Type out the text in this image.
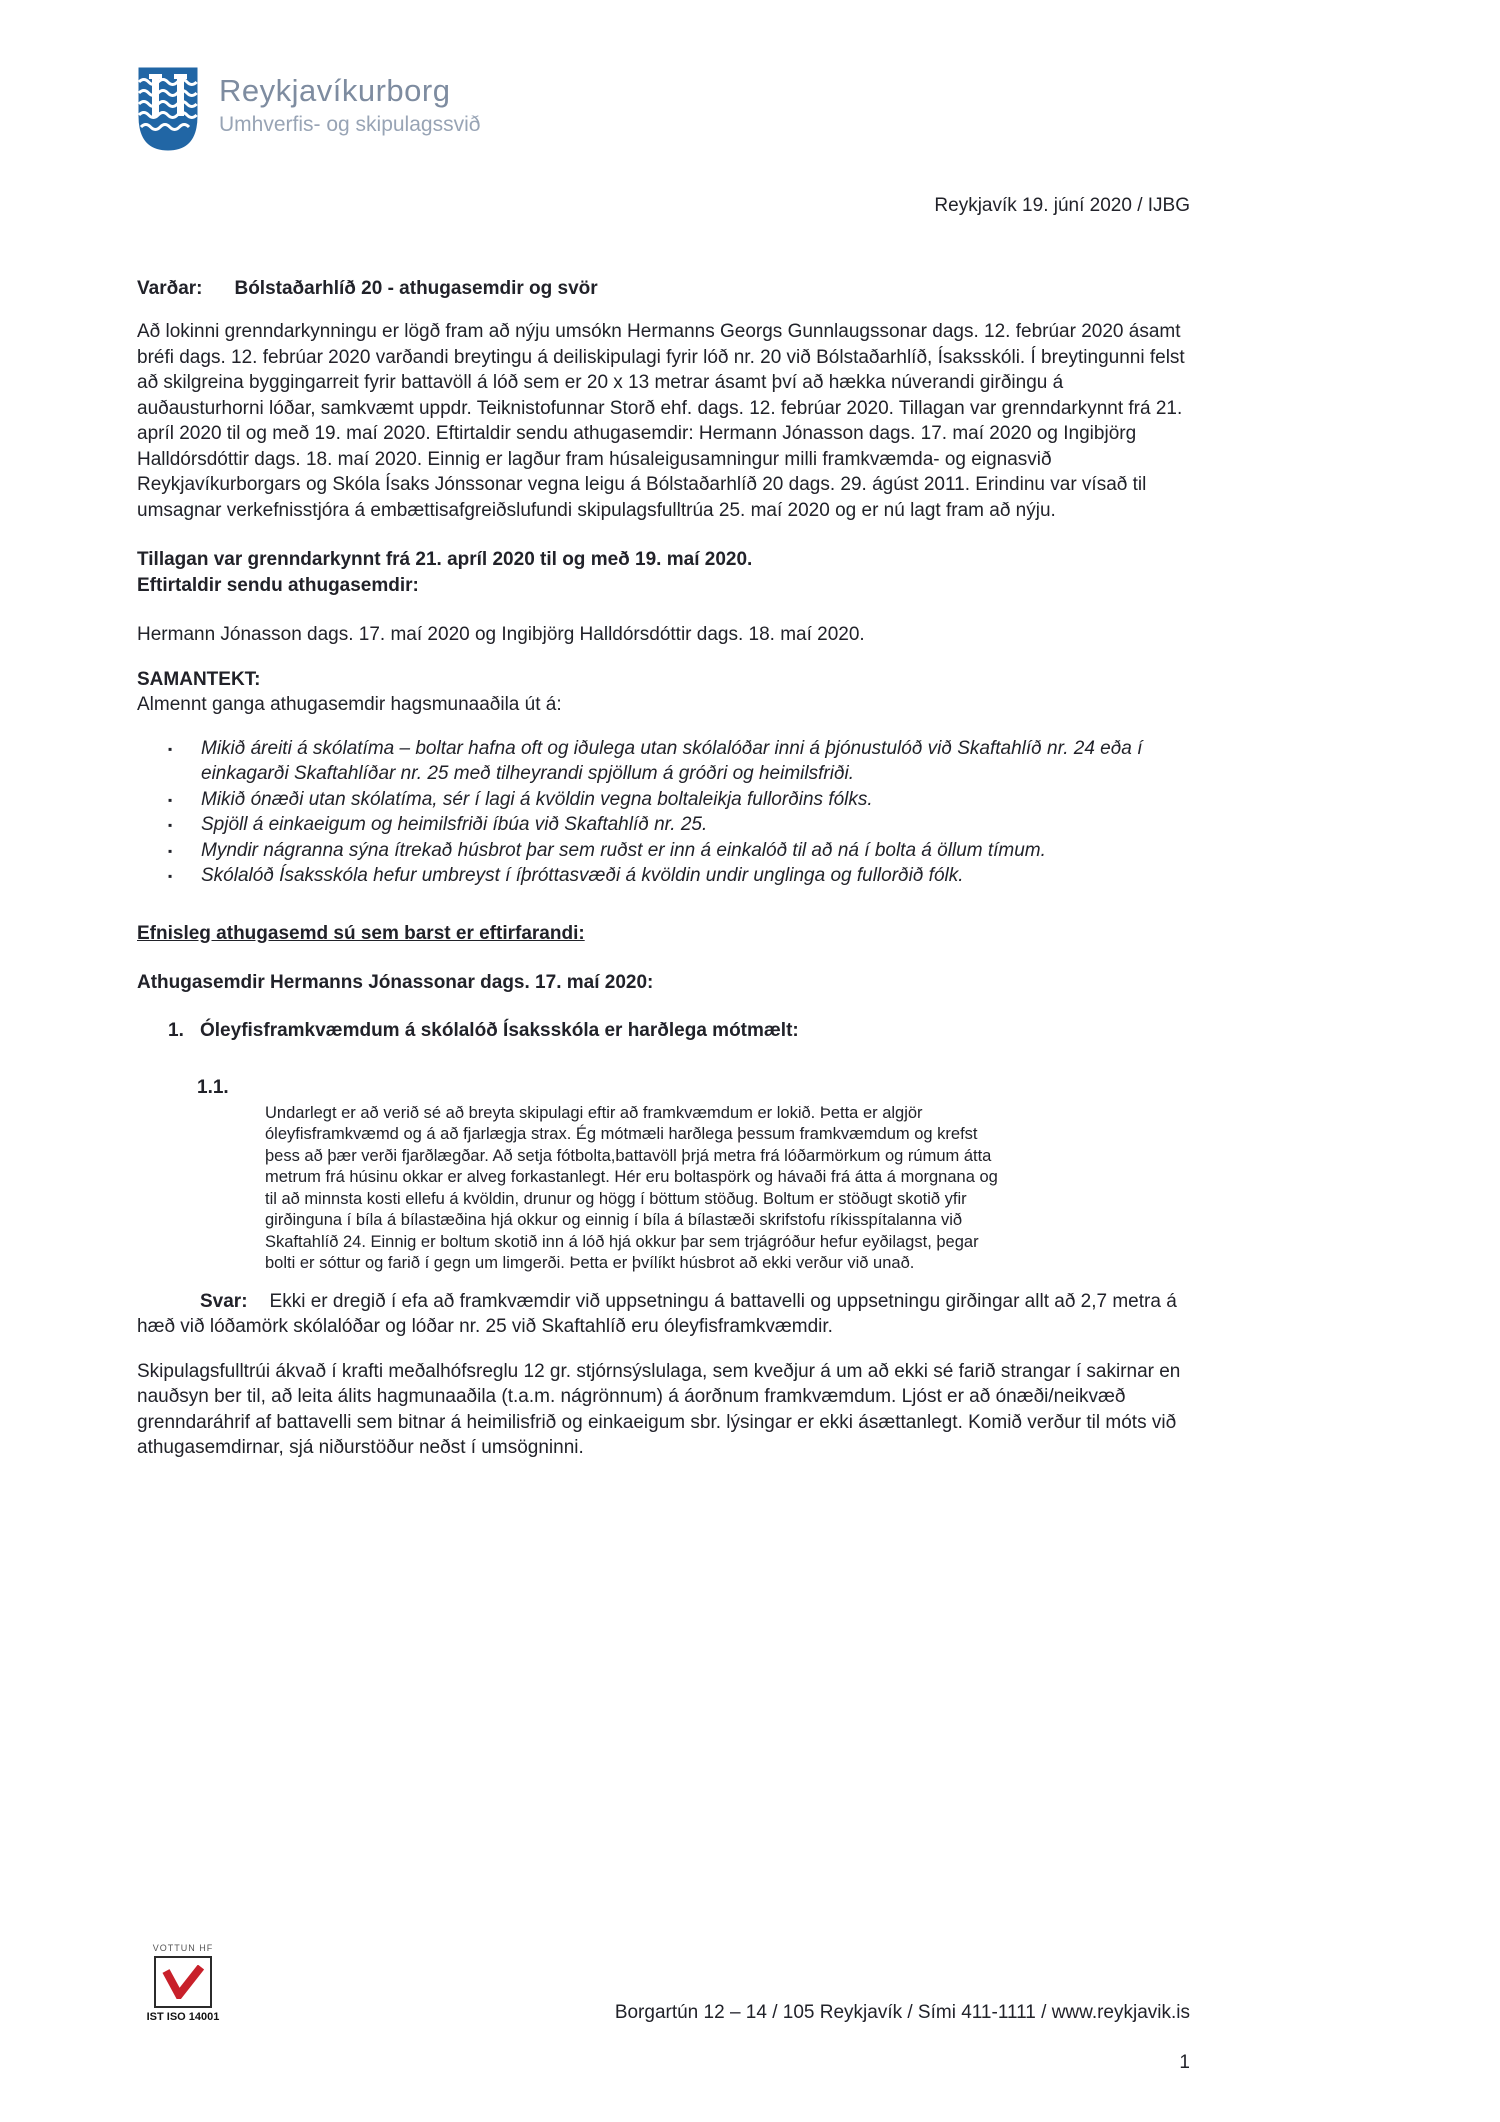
Reykjavíkurborg
Umhverfis- og skipulagssvið
Reykjavík 19. júní 2020 / IJBG
Varðar: Bólstaðarhlíð 20 - athugasemdir og svör

Að lokinni grenndarkynningu er lögð fram að nýju umsókn Hermanns Georgs Gunnlaugssonar dags. 12. febrúar 2020 ásamt bréfi dags. 12. febrúar 2020 varðandi breytingu á deiliskipulagi fyrir lóð nr. 20 við Bólstaðarhlíð, Ísaksskóli. Í breytingunni felst að skilgreina byggingarreit fyrir battavöll á lóð sem er 20 x 13 metrar ásamt því að hækka núverandi girðingu á auðausturhorni lóðar, samkvæmt uppdr. Teiknistofunnar Storð ehf. dags. 12. febrúar 2020. Tillagan var grenndarkynnt frá 21. apríl 2020 til og með 19. maí 2020. Eftirtaldir sendu athugasemdir: Hermann Jónasson dags. 17. maí 2020 og Ingibjörg Halldórsdóttir dags. 18. maí 2020. Einnig er lagður fram húsaleigusamningur milli framkvæmda- og eignasvið Reykjavíkurborgars og Skóla Ísaks Jónssonar vegna leigu á Bólstaðarhlíð 20 dags. 29. ágúst 2011. Erindinu var vísað til umsagnar verkefnisstjóra á embættisafgreiðslufundi skipulagsfulltrúa 25. maí 2020 og er nú lagt fram að nýju.

Tillagan var grenndarkynnt frá 21. apríl 2020 til og með 19. maí 2020.
Eftirtaldir sendu athugasemdir:

Hermann Jónasson dags. 17. maí 2020 og Ingibjörg Halldórsdóttir dags. 18. maí 2020.

SAMANTEKT:
Almennt ganga athugasemdir hagsmunaaðila út á:
▪ Mikið áreiti á skólatíma – boltar hafna oft og iðulega utan skólalóðar inni á þjónustulóð við Skaftahlíð nr. 24 eða í einkagarði Skaftahlíðar nr. 25 með tilheyrandi spjöllum á gróðri og heimilsfriði.
▪ Mikið ónæði utan skólatíma, sér í lagi á kvöldin vegna boltaleikja fullorðins fólks.
▪ Spjöll á einkaeigum og heimilsfriði íbúa við Skaftahlíð nr. 25.
▪ Myndir nágranna sýna ítrekað húsbrot þar sem ruðst er inn á einkalóð til að ná í bolta á öllum tímum.
▪ Skólalóð Ísaksskóla hefur umbreyst í íþróttasvæði á kvöldin undir unglinga og fullorðið fólk.
Efnisleg athugasemd sú sem barst er eftirfarandi:
Athugasemdir Hermanns Jónassonar dags. 17. maí 2020:
1. Óleyfisframkvæmdum á skólalóð Ísaksskóla er harðlega mótmælt:
1.1.
Undarlegt er að verið sé að breyta skipulagi eftir að framkvæmdum er lokið. Þetta er algjör óleyfisframkvæmd og á að fjarlægja strax. Ég mótmæli harðlega þessum framkvæmdum og krefst þess að þær verði fjarðlægðar. Að setja fótbolta,battavöll þrjá metra frá lóðarmörkum og rúmum átta metrum frá húsinu okkar er alveg forkastanlegt. Hér eru boltaspörk og hávaði frá átta á morgnana og til að minnsta kosti ellefu á kvöldin, drunur og högg í böttum stöðug. Boltum er stöðugt skotið yfir girðinguna í bíla á bílastæðina hjá okkur og einnig í bíla á bílastæði skrifstofu ríkisspítalanna við Skaftahlíð 24. Einnig er boltum skotið inn á lóð hjá okkur þar sem trjágróður hefur eyðilagst, þegar bolti er sóttur og farið í gegn um limgerði. Þetta er þvílíkt húsbrot að ekki verður við unað.

Svar: Ekki er dregið í efa að framkvæmdir við uppsetningu á battavelli og uppsetningu girðingar allt að 2,7 metra á hæð við lóðamörk skólalóðar og lóðar nr. 25 við Skaftahlíð eru óleyfisframkvæmdir.

Skipulagsfulltrúi ákvað í krafti meðalhófsreglu 12 gr. stjórnsýslulaga, sem kveðjur á um að ekki sé farið strangar í sakirnar en nauðsyn ber til, að leita álits hagmunaaðila (t.a.m. nágrönnum) á áorðnum framkvæmdum. Ljóst er að ónæði/neikvæð grenndaráhrif af battavelli sem bitnar á heimilisfrið og einkaeigum sbr. lýsingar er ekki ásættanlegt. Komið verður til móts við athugasemdirnar, sjá niðurstöður neðst í umsögninni.

VOTTUN HF
IST ISO 14001	Borgartún 12 – 14 / 105 Reykjavík / Sími 411-1111 / www.reykjavik.is
1
